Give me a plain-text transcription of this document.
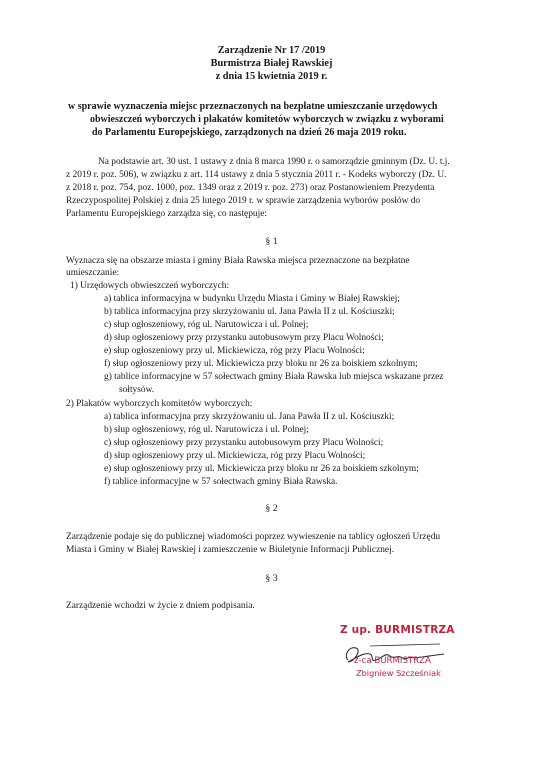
Zarządzenie Nr 17 /2019
Burmistrza Białej Rawskiej
z dnia 15 kwietnia 2019 r.
w sprawie wyznaczenia miejsc przeznaczonych na bezpłatne umieszczanie urzędowych
obwieszczeń wyborczych i plakatów komitetów wyborczych w związku z wyborami
do Parlamentu Europejskiego, zarządzonych na dzień 26 maja 2019 roku.
Na podstawie art. 30 ust. 1 ustawy z dnia 8 marca 1990 r. o samorządzie gminnym (Dz. U. t.j.
z 2019 r. poz. 506), w związku z art. 114 ustawy z dnia 5 stycznia 2011 r. - Kodeks wyborczy (Dz. U.
z 2018 r. poz. 754, poz. 1000, poz. 1349 oraz z 2019 r. poz. 273) oraz Postanowieniem Prezydenta
Rzeczypospolitej Polskiej z dnia 25 lutego 2019 r. w sprawie zarządzenia wyborów posłów do
Parlamentu Europejskiego zarządza się, co następuje:
§ 1
Wyznacza się na obszarze miasta i gminy Biała Rawska miejsca przeznaczone na bezpłatne
umieszczanie:
1) Urzędowych obwieszczeń wyborczych:
a) tablica informacyjna w budynku Urzędu Miasta i Gminy w Białej Rawskiej;
b) tablica informacyjna przy skrzyżowaniu ul. Jana Pawła II z ul. Kościuszki;
c) słup ogłoszeniowy, róg ul. Narutowicza i ul. Polnej;
d) słup ogłoszeniowy przy przystanku autobusowym przy Placu Wolności;
e) słup ogłoszeniowy przy ul. Mickiewicza, róg przy Placu Wolności;
f) słup ogłoszeniowy przy ul. Mickiewicza przy bloku nr 26 za boiskiem szkolnym;
g) tablice informacyjne w 57 sołectwach gminy Biała Rawska lub miejsca wskazane przez
sołtysów.
2) Plakatów wyborczych komitetów wyborczych:
a) tablica informacyjna przy skrzyżowaniu ul. Jana Pawła II z ul. Kościuszki;
b) słup ogłoszeniowy, róg ul. Narutowicza i ul. Polnej;
c) słup ogłoszeniowy przy przystanku autobusowym przy Placu Wolności;
d) słup ogłoszeniowy przy ul. Mickiewicza, róg przy Placu Wolności;
e) słup ogłoszeniowy przy ul. Mickiewicza przy bloku nr 26 za boiskiem szkolnym;
f) tablice informacyjne w 57 sołectwach gminy Biała Rawska.
§ 2
Zarządzenie podaje się do publicznej wiadomości poprzez wywieszenie na tablicy ogłoszeń Urzędu
Miasta i Gminy w Białej Rawskiej i zamieszczenie w Biuletynie Informacji Publicznej.
§ 3
Zarządzenie wchodzi w życie z dniem podpisania.
Z up. BURMISTRZA
z-ca BURMISTRZA
Zbigniew Szcześniak
